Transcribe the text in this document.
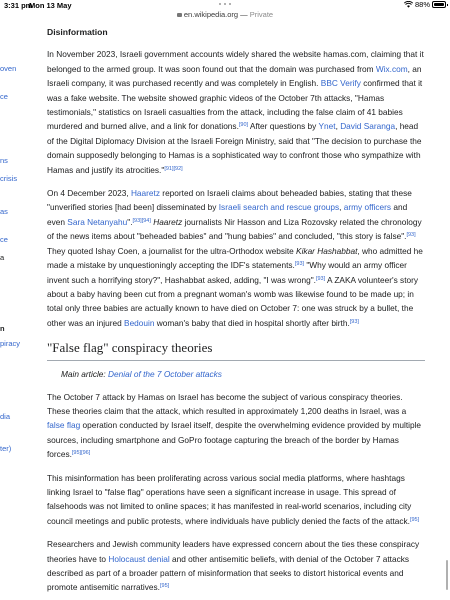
3:31 pm
Mon 13 May	88%
en.wikipedia.org — Private
oven
ce
ns
crisis
as
ce
a
n
piracy
dia
ter)
Disinformation

In November 2023, Israeli government accounts widely shared the website hamas.com, claiming that it belonged to the armed group. It was soon found out that the domain was purchased from Wix.com, an Israeli company, it was purchased recently and was completely in English. BBC Verify confirmed that it was a fake website. The website showed graphic videos of the October 7th attacks, "Hamas testimonials," statistics on Israeli casualties from the attack, including the false claim of 41 babies murdered and burned alive, and a link for donations.[90] After questions by Ynet, David Saranga, head of the Digital Diplomacy Division at the Israeli Foreign Ministry, said that "The decision to purchase the domain supposedly belonging to Hamas is a sophisticated way to confront those who sympathize with Hamas and justify its atrocities."[91][92]

On 4 December 2023, Haaretz reported on Israeli claims about beheaded babies, stating that these "unverified stories [had been] disseminated by Israeli search and rescue groups, army officers and even Sara Netanyahu".[93][94] Haaretz journalists Nir Hasson and Liza Rozovsky related the chronology of the news items about "beheaded babies" and "hung babies" and concluded, "this story is false".[93] They quoted Ishay Coen, a journalist for the ultra-Orthodox website Kikar Hashabbat, who admitted he made a mistake by unquestioningly accepting the IDF's statements.[93] "Why would an army officer invent such a horrifying story?", Hashabbat asked, adding, "I was wrong".[93] A ZAKA volunteer's story about a baby having been cut from a pregnant woman's womb was likewise found to be made up; in total only three babies are actually known to have died on October 7: one was struck by a bullet, the other was an injured Bedouin woman's baby that died in hospital shortly after birth.[93]

"False flag" conspiracy theories
Main article: Denial of the 7 October attacks

The October 7 attack by Hamas on Israel has become the subject of various conspiracy theories. These theories claim that the attack, which resulted in approximately 1,200 deaths in Israel, was a false flag operation conducted by Israel itself, despite the overwhelming evidence provided by multiple sources, including smartphone and GoPro footage capturing the breach of the border by Hamas forces.[95][96]

This misinformation has been proliferating across various social media platforms, where hashtags linking Israel to "false flag" operations have seen a significant increase in usage. This spread of falsehoods was not limited to online spaces; it has manifested in real-world scenarios, including city council meetings and public protests, where individuals have publicly denied the facts of the attack.[95]

Researchers and Jewish community leaders have expressed concern about the ties these conspiracy theories have to Holocaust denial and other antisemitic beliefs, with denial of the October 7 attacks described as part of a broader pattern of misinformation that seeks to distort historical events and promote antisemitic narratives.[95]
